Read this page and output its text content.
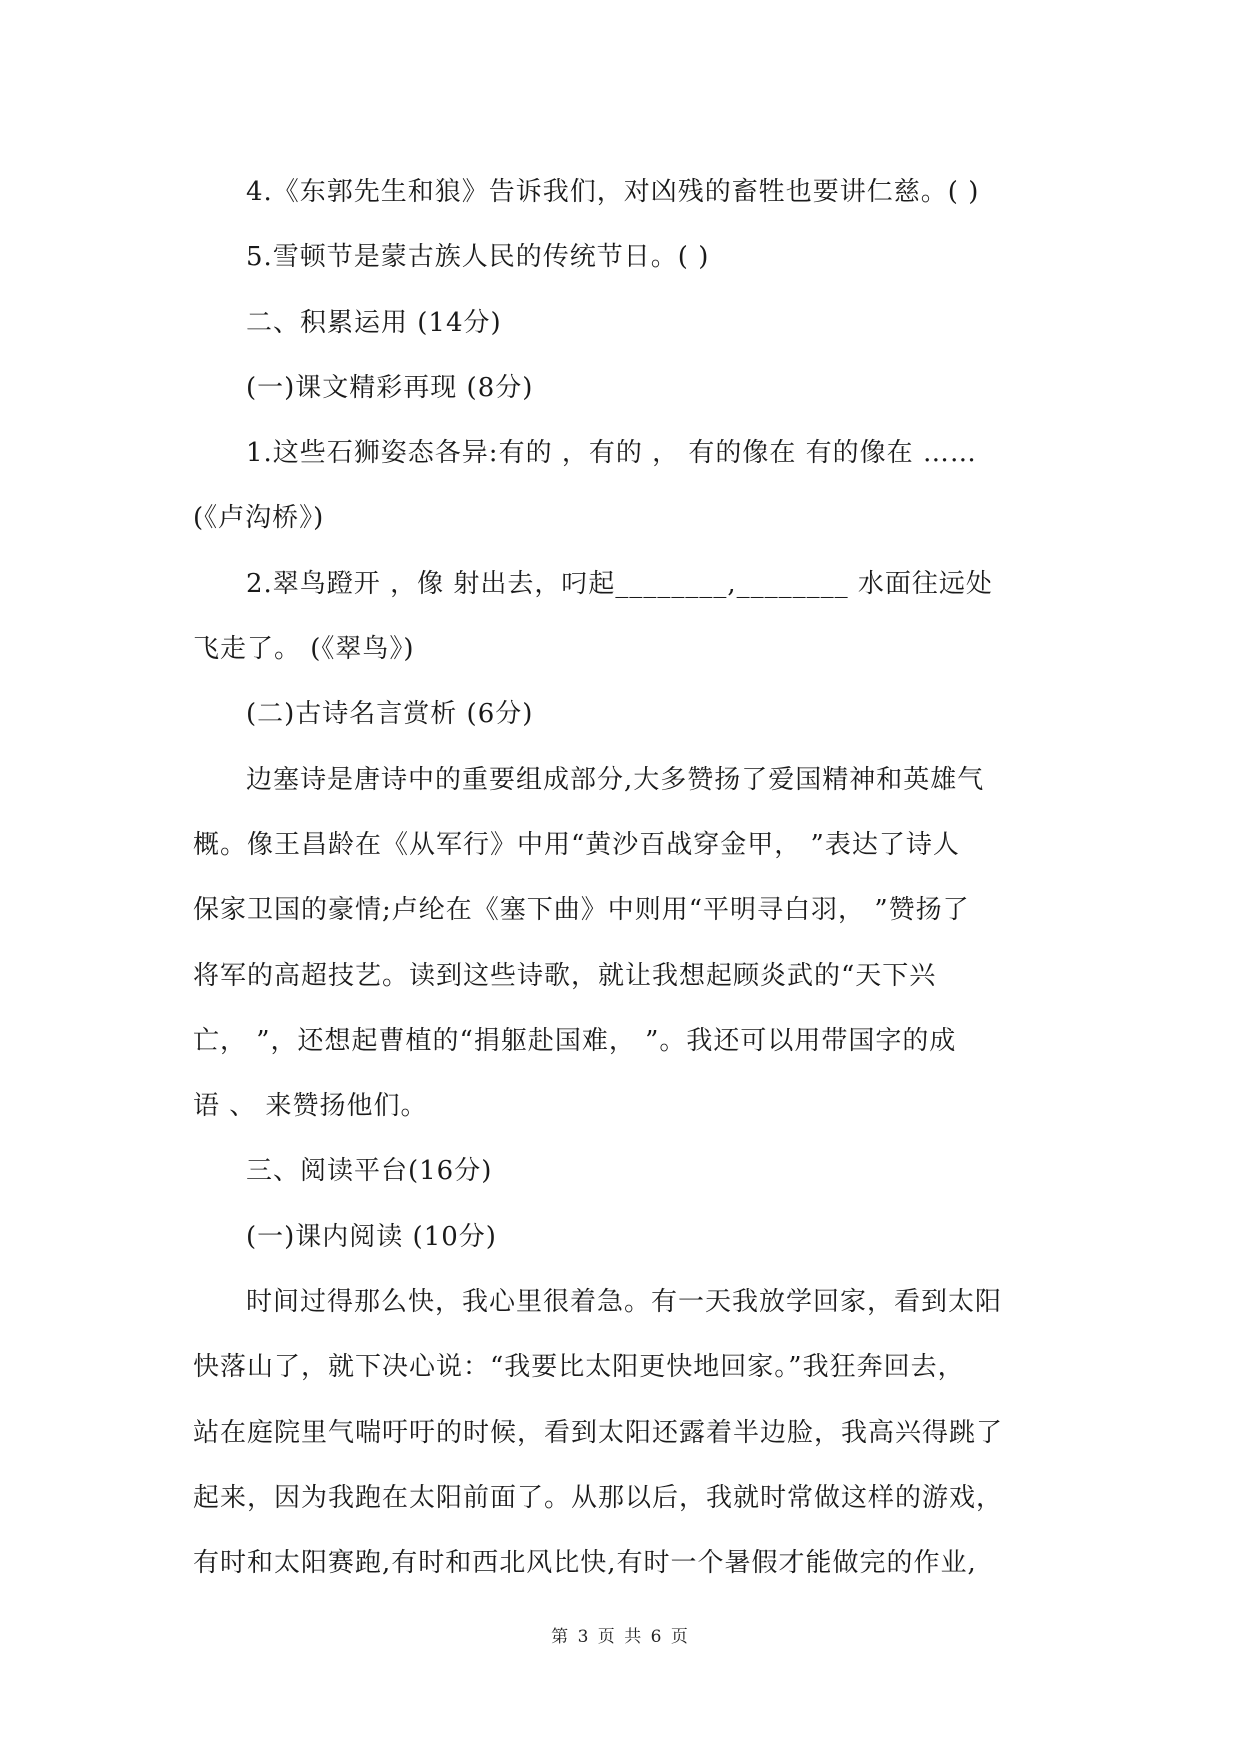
4.《东郭先生和狼》告诉我们，对凶残的畜牲也要讲仁慈。( )
5.雪顿节是蒙古族人民的传统节日。( )
二、积累运用 (14分)
(一)课文精彩再现 (8分)
1.这些石狮姿态各异:有的 ，有的 ， 有的像在 有的像在 ……
(《卢沟桥》)
2.翠鸟蹬开 ，像 射出去，叼起________,________ 水面往远处
飞走了。 (《翠鸟》)
(二)古诗名言赏析 (6分)
边塞诗是唐诗中的重要组成部分,大多赞扬了爱国精神和英雄气
概。像王昌龄在《从军行》中用“黄沙百战穿金甲， ”表达了诗人
保家卫国的豪情;卢纶在《塞下曲》中则用“平明寻白羽， ”赞扬了
将军的高超技艺。读到这些诗歌，就让我想起顾炎武的“天下兴
亡， ”，还想起曹植的“捐躯赴国难， ”。我还可以用带国字的成
语 、 来赞扬他们。
三、阅读平台(16分)
(一)课内阅读 (10分)
时间过得那么快，我心里很着急。有一天我放学回家，看到太阳
快落山了，就下决心说：“我要比太阳更快地回家。”我狂奔回去，
站在庭院里气喘吁吁的时候，看到太阳还露着半边脸，我高兴得跳了
起来，因为我跑在太阳前面了。从那以后，我就时常做这样的游戏，
有时和太阳赛跑,有时和西北风比快,有时一个暑假才能做完的作业,
第 3 页 共 6 页
